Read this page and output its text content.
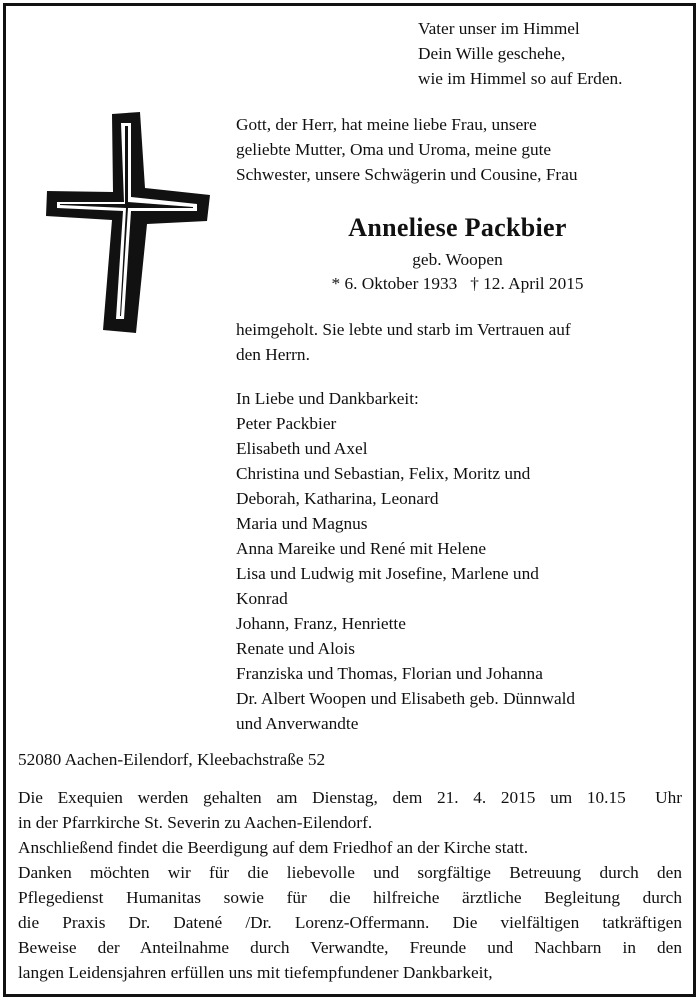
Vater unser im Himmel
Dein Wille geschehe,
wie im Himmel so auf Erden.
Gott, der Herr, hat meine liebe Frau, unsere
geliebte Mutter, Oma und Uroma, meine gute
Schwester, unsere Schwägerin und Cousine, Frau
Anneliese Packbier
geb. Woopen
* 6. Oktober 1933   † 12. April 2015
heimgeholt. Sie lebte und starb im Vertrauen auf
den Herrn.
In Liebe und Dankbarkeit:
Peter Packbier
Elisabeth und Axel
Christina und Sebastian, Felix, Moritz und
Deborah, Katharina, Leonard
Maria und Magnus
Anna Mareike und René mit Helene
Lisa und Ludwig mit Josefine, Marlene und
Konrad
Johann, Franz, Henriette
Renate und Alois
Franziska und Thomas, Florian und Johanna
Dr. Albert Woopen und Elisabeth geb. Dünnwald
und Anverwandte
52080 Aachen-Eilendorf, Kleebachstraße 52
Die Exequien werden gehalten am Dienstag, dem 21. 4. 2015 um 10.15  Uhr
in der Pfarrkirche St. Severin zu Aachen-Eilendorf.
Anschließend findet die Beerdigung auf dem Friedhof an der Kirche statt.
Danken möchten wir für die liebevolle und sorgfältige Betreuung durch den
Pflegedienst Humanitas sowie für die hilfreiche ärztliche Begleitung durch
die Praxis Dr. Datené /Dr. Lorenz-Offermann. Die vielfältigen tatkräftigen
Beweise der Anteilnahme durch Verwandte, Freunde und Nachbarn in den
langen Leidensjahren erfüllen uns mit tiefempfundener Dankbarkeit,
